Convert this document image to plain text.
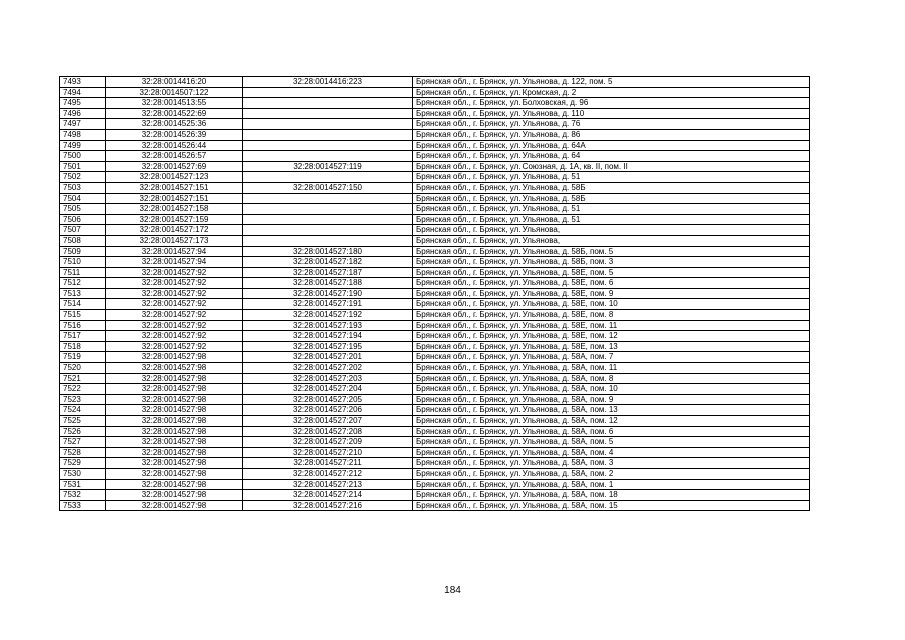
7493	32:28:0014416:20	32:28:0014416:223	Брянская обл., г. Брянск, ул. Ульянова, д. 122, пом. 5
7494	32:28:0014507:122		Брянская обл., г. Брянск, ул. Кромская, д. 2
7495	32:28:0014513:55		Брянская обл., г. Брянск, ул. Болховская, д. 96
7496	32:28:0014522:69		Брянская обл., г. Брянск, ул. Ульянова, д. 110
7497	32:28:0014525:36		Брянская обл., г. Брянск, ул. Ульянова, д. 76
7498	32:28:0014526:39		Брянская обл., г. Брянск, ул. Ульянова, д. 86
7499	32:28:0014526:44		Брянская обл., г. Брянск, ул. Ульянова, д. 64А
7500	32:28:0014526:57		Брянская обл., г. Брянск, ул. Ульянова, д. 64
7501	32:28:0014527:69	32:28:0014527:119	Брянская обл., г. Брянск, ул. Союзная, д. 1А, кв. II, пом. II
7502	32:28:0014527:123		Брянская обл., г. Брянск, ул. Ульянова, д. 51
7503	32:28:0014527:151	32:28:0014527:150	Брянская обл., г. Брянск, ул. Ульянова, д. 58Б
7504	32:28:0014527:151		Брянская обл., г. Брянск, ул. Ульянова, д. 58Б
7505	32:28:0014527:158		Брянская обл., г. Брянск, ул. Ульянова, д. 51
7506	32:28:0014527:159		Брянская обл., г. Брянск, ул. Ульянова, д. 51
7507	32:28:0014527:172		Брянская обл., г. Брянск, ул. Ульянова,
7508	32:28:0014527:173		Брянская обл., г. Брянск, ул. Ульянова,
7509	32:28:0014527:94	32:28:0014527:180	Брянская обл., г. Брянск, ул. Ульянова, д. 58Б, пом. 5
7510	32:28:0014527:94	32:28:0014527:182	Брянская обл., г. Брянск, ул. Ульянова, д. 58Б, пом. 3
7511	32:28:0014527:92	32:28:0014527:187	Брянская обл., г. Брянск, ул. Ульянова, д. 58Е, пом. 5
7512	32:28:0014527:92	32:28:0014527:188	Брянская обл., г. Брянск, ул. Ульянова, д. 58Е, пом. 6
7513	32:28:0014527:92	32:28:0014527:190	Брянская обл., г. Брянск, ул. Ульянова, д. 58Е, пом. 9
7514	32:28:0014527:92	32:28:0014527:191	Брянская обл., г. Брянск, ул. Ульянова, д. 58Е, пом. 10
7515	32:28:0014527:92	32:28:0014527:192	Брянская обл., г. Брянск, ул. Ульянова, д. 58Е, пом. 8
7516	32:28:0014527:92	32:28:0014527:193	Брянская обл., г. Брянск, ул. Ульянова, д. 58Е, пом. 11
7517	32:28:0014527:92	32:28:0014527:194	Брянская обл., г. Брянск, ул. Ульянова, д. 58Е, пом. 12
7518	32:28:0014527:92	32:28:0014527:195	Брянская обл., г. Брянск, ул. Ульянова, д. 58Е, пом. 13
7519	32:28:0014527:98	32:28:0014527:201	Брянская обл., г. Брянск, ул. Ульянова, д. 58А, пом. 7
7520	32:28:0014527:98	32:28:0014527:202	Брянская обл., г. Брянск, ул. Ульянова, д. 58А, пом. 11
7521	32:28:0014527:98	32:28:0014527:203	Брянская обл., г. Брянск, ул. Ульянова, д. 58А, пом. 8
7522	32:28:0014527:98	32:28:0014527:204	Брянская обл., г. Брянск, ул. Ульянова, д. 58А, пом. 10
7523	32:28:0014527:98	32:28:0014527:205	Брянская обл., г. Брянск, ул. Ульянова, д. 58А, пом. 9
7524	32:28:0014527:98	32:28:0014527:206	Брянская обл., г. Брянск, ул. Ульянова, д. 58А, пом. 13
7525	32:28:0014527:98	32:28:0014527:207	Брянская обл., г. Брянск, ул. Ульянова, д. 58А, пом. 12
7526	32:28:0014527:98	32:28:0014527:208	Брянская обл., г. Брянск, ул. Ульянова, д. 58А, пом. 6
7527	32:28:0014527:98	32:28:0014527:209	Брянская обл., г. Брянск, ул. Ульянова, д. 58А, пом. 5
7528	32:28:0014527:98	32:28:0014527:210	Брянская обл., г. Брянск, ул. Ульянова, д. 58А, пом. 4
7529	32:28:0014527:98	32:28:0014527:211	Брянская обл., г. Брянск, ул. Ульянова, д. 58А, пом. 3
7530	32:28:0014527:98	32:28:0014527:212	Брянская обл., г. Брянск, ул. Ульянова, д. 58А, пом. 2
7531	32:28:0014527:98	32:28:0014527:213	Брянская обл., г. Брянск, ул. Ульянова, д. 58А, пом. 1
7532	32:28:0014527:98	32:28:0014527:214	Брянская обл., г. Брянск, ул. Ульянова, д. 58А, пом. 18
7533	32:28:0014527:98	32:28:0014527:216	Брянская обл., г. Брянск, ул. Ульянова, д. 58А, пом. 15
184
